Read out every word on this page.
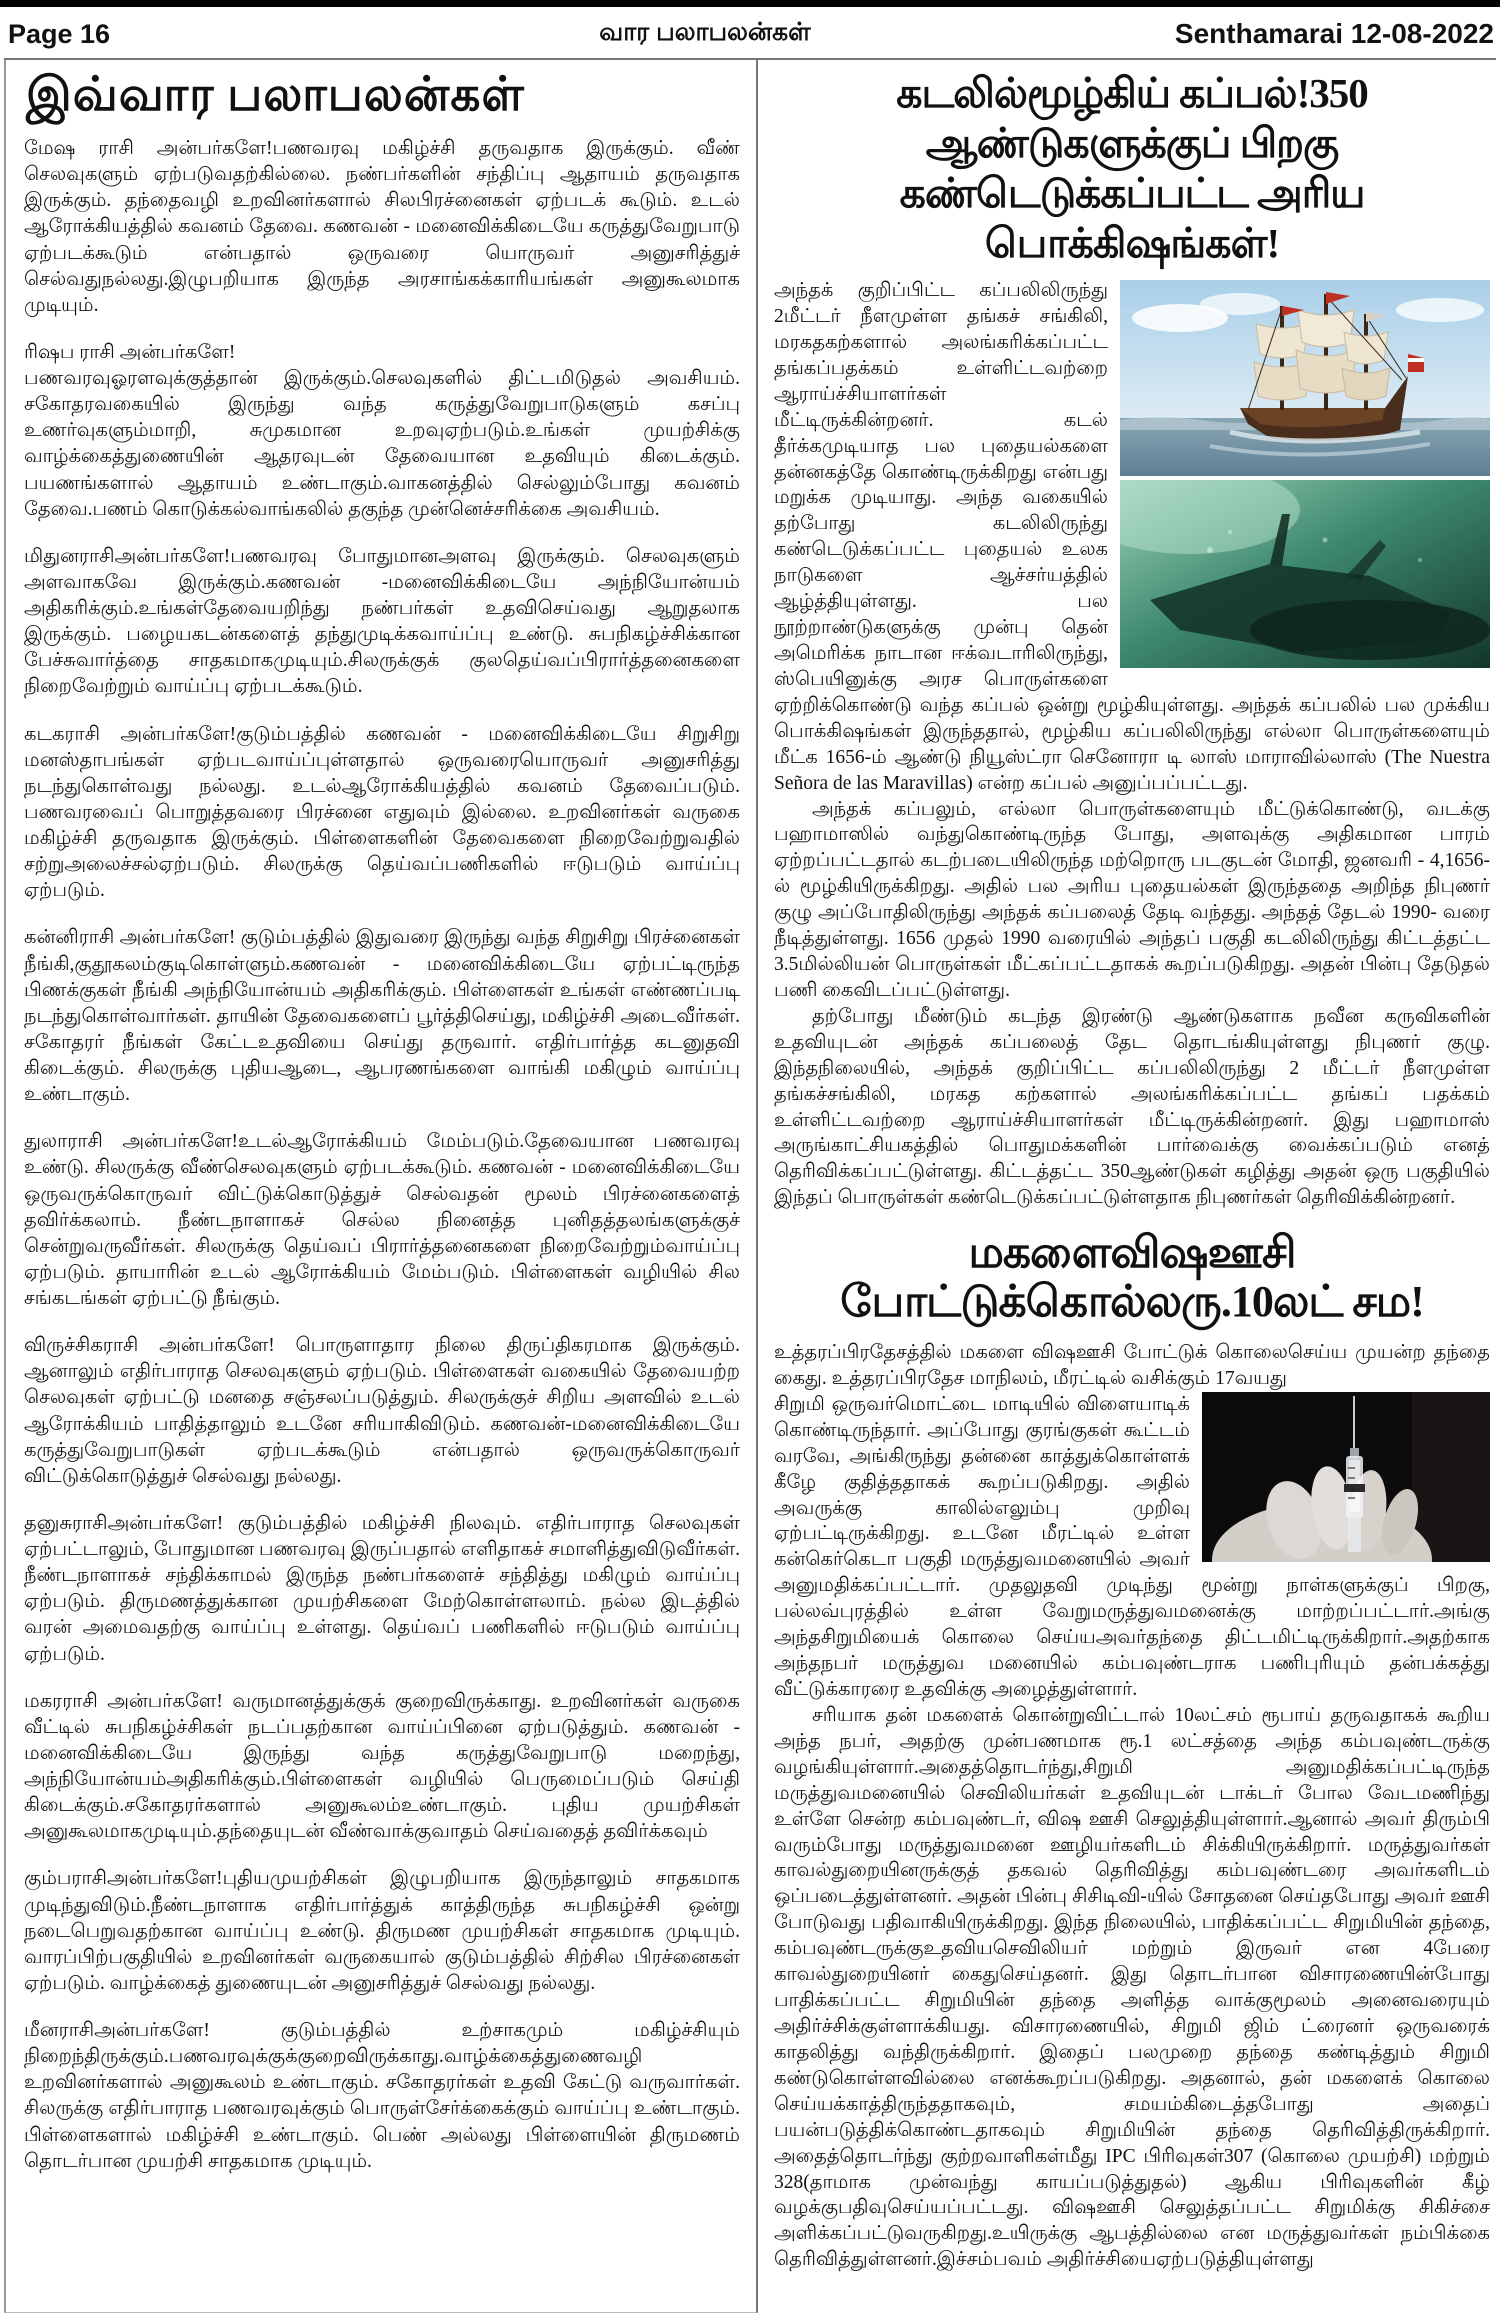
Page 16	வார பலாபலன்கள்	Senthamarai 12-08-2022
இவ்வார பலாபலன்கள்

மேஷ ராசி அன்பர்களே!பணவரவு மகிழ்ச்சி தருவதாக இருக்கும். வீண் செலவுகளும் ஏற்படுவதற்கில்லை. நண்பர்களின் சந்திப்பு ஆதாயம் தருவதாக இருக்கும். தந்தைவழி உறவினர்களால் சிலபிரச்னைகள் ஏற்படக் கூடும். உடல் ஆரோக்கியத்தில் கவனம் தேவை. கணவன் - மனைவிக்கிடையே கருத்துவேறுபாடு ஏற்படக்கூடும் என்பதால் ஒருவரை யொருவர் அனுசரித்துச் செல்வதுநல்லது.இழுபறியாக இருந்த அரசாங்கக்காரியங்கள் அனுகூலமாக முடியும்.

ரிஷப ராசி அன்பர்களே!

பணவரவுஓரளவுக்குத்தான் இருக்கும்.செலவுகளில் திட்டமிடுதல் அவசியம். சகோதரவகையில் இருந்து வந்த கருத்துவேறுபாடுகளும் கசப்பு உணர்வுகளும்மாறி, சுமுகமான உறவுஏற்படும்.உங்கள் முயற்சிக்கு வாழ்க்கைத்துணையின் ஆதரவுடன் தேவையான உதவியும் கிடைக்கும். பயணங்களால் ஆதாயம் உண்டாகும்.வாகனத்தில் செல்லும்போது கவனம் தேவை.பணம் கொடுக்கல்வாங்கலில் தகுந்த முன்னெச்சரிக்கை அவசியம்.

மிதுனராசிஅன்பர்களே!பணவரவு போதுமானஅளவு இருக்கும். செலவுகளும் அளவாகவே இருக்கும்.கணவன் -மனைவிக்கிடையே அந்நியோன்யம் அதிகரிக்கும்.உங்கள்தேவையறிந்து நண்பர்கள் உதவிசெய்வது ஆறுதலாக இருக்கும். பழையகடன்களைத் தந்துமுடிக்கவாய்ப்பு உண்டு. சுபநிகழ்ச்சிக்கான பேச்சுவார்த்தை சாதகமாகமுடியும்.சிலருக்குக் குலதெய்வப்பிரார்த்தனைகளை நிறைவேற்றும் வாய்ப்பு ஏற்படக்கூடும்.

கடகராசி அன்பர்களே!குடும்பத்தில் கணவன் - மனைவிக்கிடையே சிறுசிறு மனஸ்தாபங்கள் ஏற்படவாய்ப்புள்ளதால் ஒருவரையொருவர் அனுசரித்து நடந்துகொள்வது நல்லது. உடல்ஆரோக்கியத்தில் கவனம் தேவைப்படும். பணவரவைப் பொறுத்தவரை பிரச்னை எதுவும் இல்லை. உறவினர்கள் வருகை மகிழ்ச்சி தருவதாக இருக்கும். பிள்ளைகளின் தேவைகளை நிறைவேற்றுவதில் சற்றுஅலைச்சல்ஏற்படும். சிலருக்கு தெய்வப்பணிகளில் ஈடுபடும் வாய்ப்பு ஏற்படும்.

கன்னிராசி அன்பர்களே! குடும்பத்தில் இதுவரை இருந்து வந்த சிறுசிறு பிரச்னைகள் நீங்கி,குதூகலம்குடிகொள்ளும்.கணவன் - மனைவிக்கிடையே ஏற்பட்டிருந்த பிணக்குகள் நீங்கி அந்நியோன்யம் அதிகரிக்கும். பிள்ளைகள் உங்கள் எண்ணப்படி நடந்துகொள்வார்கள். தாயின் தேவைகளைப் பூர்த்திசெய்து, மகிழ்ச்சி அடைவீர்கள். சகோதரர் நீங்கள் கேட்டஉதவியை செய்து தருவார். எதிர்பார்த்த கடனுதவி கிடைக்கும். சிலருக்கு புதியஆடை, ஆபரணங்களை வாங்கி மகிழும் வாய்ப்பு உண்டாகும்.

துலாராசி அன்பர்களே!உடல்ஆரோக்கியம் மேம்படும்.தேவையான பணவரவு உண்டு. சிலருக்கு வீண்செலவுகளும் ஏற்படக்கூடும். கணவன் - மனைவிக்கிடையே ஒருவருக்கொருவர் விட்டுக்கொடுத்துச் செல்வதன் மூலம் பிரச்னைகளைத் தவிர்க்கலாம். நீண்டநாளாகச் செல்ல நினைத்த புனிதத்தலங்களுக்குச் சென்றுவருவீர்கள். சிலருக்கு தெய்வப் பிரார்த்தனைகளை நிறைவேற்றும்வாய்ப்பு ஏற்படும். தாயாரின் உடல் ஆரோக்கியம் மேம்படும். பிள்ளைகள் வழியில் சில சங்கடங்கள் ஏற்பட்டு நீங்கும்.

விருச்சிகராசி அன்பர்களே! பொருளாதார நிலை திருப்திகரமாக இருக்கும். ஆனாலும் எதிர்பாராத செலவுகளும் ஏற்படும். பிள்ளைகள் வகையில் தேவையற்ற செலவுகள் ஏற்பட்டு மனதை சஞ்சலப்படுத்தும். சிலருக்குச் சிறிய அளவில் உடல் ஆரோக்கியம் பாதித்தாலும் உடனே சரியாகிவிடும். கணவன்-மனைவிக்கிடையே கருத்துவேறுபாடுகள் ஏற்படக்கூடும் என்பதால் ஒருவருக்கொருவர் விட்டுக்கொடுத்துச் செல்வது நல்லது.

தனுசுராசிஅன்பர்களே! குடும்பத்தில் மகிழ்ச்சி நிலவும். எதிர்பாராத செலவுகள் ஏற்பட்டாலும், போதுமான பணவரவு இருப்பதால் எளிதாகச் சமாளித்துவிடுவீர்கள். நீண்டநாளாகச் சந்திக்காமல் இருந்த நண்பர்களைச் சந்தித்து மகிழும் வாய்ப்பு ஏற்படும். திருமணத்துக்கான முயற்சிகளை மேற்கொள்ளலாம். நல்ல இடத்தில் வரன் அமைவதற்கு வாய்ப்பு உள்ளது. தெய்வப் பணிகளில் ஈடுபடும் வாய்ப்பு ஏற்படும்.

மகரராசி அன்பர்களே! வருமானத்துக்குக் குறைவிருக்காது. உறவினர்கள் வருகை வீட்டில் சுபநிகழ்ச்சிகள் நடப்பதற்கான வாய்ப்பினை ஏற்படுத்தும். கணவன் - மனைவிக்கிடையே இருந்து வந்த கருத்துவேறுபாடு மறைந்து, அந்நியோன்யம்அதிகரிக்கும்.பிள்ளைகள் வழியில் பெருமைப்படும் செய்தி கிடைக்கும்.சகோதரர்களால் அனுகூலம்உண்டாகும். புதிய முயற்சிகள் அனுகூலமாகமுடியும்.தந்தையுடன் வீண்வாக்குவாதம் செய்வதைத் தவிர்க்கவும்

கும்பராசிஅன்பர்களே!புதியமுயற்சிகள் இழுபறியாக இருந்தாலும் சாதகமாக முடிந்துவிடும்.நீண்டநாளாக எதிர்பார்த்துக் காத்திருந்த சுபநிகழ்ச்சி ஒன்று நடைபெறுவதற்கான வாய்ப்பு உண்டு. திருமண முயற்சிகள் சாதகமாக முடியும். வாரப்பிற்பகுதியில் உறவினர்கள் வருகையால் குடும்பத்தில் சிற்சில பிரச்னைகள் ஏற்படும். வாழ்க்கைத் துணையுடன் அனுசரித்துச் செல்வது நல்லது.

மீனராசிஅன்பர்களே! குடும்பத்தில் உற்சாகமும் மகிழ்ச்சியும் நிறைந்திருக்கும்.பணவரவுக்குக்குறைவிருக்காது.வாழ்க்கைத்துணைவழி உறவினர்களால் அனுகூலம் உண்டாகும். சகோதரர்கள் உதவி கேட்டு வருவார்கள். சிலருக்கு எதிர்பாராத பணவரவுக்கும் பொருள்சேர்க்கைக்கும் வாய்ப்பு உண்டாகும். பிள்ளைகளால் மகிழ்ச்சி உண்டாகும். பெண் அல்லது பிள்ளையின் திருமணம் தொடர்பான முயற்சி சாதகமாக முடியும்.

கடலில்மூழ்கிய் கப்பல்!350 ஆண்டுகளுக்குப் பிறகு கண்டெடுக்கப்பட்ட அரிய பொக்கிஷங்கள்!

அந்தக் குறிப்பிட்ட கப்பலிலிருந்து 2மீட்டர் நீளமுள்ள தங்கச் சங்கிலி, மரகதகற்களால் அலங்கரிக்கப்பட்ட தங்கப்பதக்கம் உள்ளிட்டவற்றை ஆராய்ச்சியாளர்கள் மீட்டிருக்கின்றனர். கடல் தீர்க்கமுடியாத பல புதையல்களை தன்னகத்தே கொண்டிருக்கிறது என்பது மறுக்க முடியாது. அந்த வகையில் தற்போது கடலிலிருந்து கண்டெடுக்கப்பட்ட புதையல் உலக நாடுகளை ஆச்சர்யத்தில் ஆழ்த்தியுள்ளது. பல நூற்றாண்டுகளுக்கு முன்பு தென் அமெரிக்க நாடான ஈக்வடாரிலிருந்து, ஸ்பெயினுக்கு அரச பொருள்களை ஏற்றிக்கொண்டு வந்த கப்பல் ஒன்று மூழ்கியுள்ளது. அந்தக் கப்பலில் பல முக்கிய பொக்கிஷங்கள் இருந்ததால், மூழ்கிய கப்பலிலிருந்து எல்லா பொருள்களையும் மீட்க 1656-ம் ஆண்டு நியூஸ்ட்ரா செனோரா டி லாஸ் மாராவில்லாஸ் (The Nuestra Señora de las Maravillas) என்ற கப்பல் அனுப்பப்பட்டது.

அந்தக் கப்பலும், எல்லா பொருள்களையும் மீட்டுக்கொண்டு, வடக்கு பஹாமாஸில் வந்துகொண்டிருந்த போது, அளவுக்கு அதிகமான பாரம் ஏற்றப்பட்டதால் கடற்படையிலிருந்த மற்றொரு படகுடன் மோதி, ஜனவரி - 4,1656-ல் மூழ்கியிருக்கிறது. அதில் பல அரிய புதையல்கள் இருந்ததை அறிந்த நிபுணர் குழு அப்போதிலிருந்து அந்தக் கப்பலைத் தேடி வந்தது. அந்தத் தேடல் 1990- வரை நீடித்துள்ளது. 1656 முதல் 1990 வரையில் அந்தப் பகுதி கடலிலிருந்து கிட்டத்தட்ட 3.5மில்லியன் பொருள்கள் மீட்கப்பட்டதாகக் கூறப்படுகிறது. அதன் பின்பு தேடுதல் பணி கைவிடப்பட்டுள்ளது.

தற்போது மீண்டும் கடந்த இரண்டு ஆண்டுகளாக நவீன கருவிகளின் உதவியுடன் அந்தக் கப்பலைத் தேட தொடங்கியுள்ளது நிபுணர் குழு. இந்தநிலையில், அந்தக் குறிப்பிட்ட கப்பலிலிருந்து 2 மீட்டர் நீளமுள்ள தங்கச்சங்கிலி, மரகத கற்களால் அலங்கரிக்கப்பட்ட தங்கப் பதக்கம் உள்ளிட்டவற்றை ஆராய்ச்சியாளர்கள் மீட்டிருக்கின்றனர். இது பஹாமாஸ் அருங்காட்சியகத்தில் பொதுமக்களின் பார்வைக்கு வைக்கப்படும் எனத் தெரிவிக்கப்பட்டுள்ளது. கிட்டத்தட்ட 350ஆண்டுகள் கழித்து அதன் ஒரு பகுதியில் இந்தப் பொருள்கள் கண்டெடுக்கப்பட்டுள்ளதாக நிபுணர்கள் தெரிவிக்கின்றனர்.

மகளைவிஷஊசி போட்டுக்கொல்லரு.10லட் சம!

உத்தரப்பிரதேசத்தில் மகளை விஷஊசி போட்டுக் கொலைசெய்ய முயன்ற தந்தை கைது. உத்தரப்பிரதேச மாநிலம், மீரட்டில் வசிக்கும் 17வயது

சிறுமி ஒருவர்மொட்டை மாடியில் விளையாடிக் கொண்டிருந்தார். அப்போது குரங்குகள் கூட்டம் வரவே, அங்கிருந்து தன்னை காத்துக்கொள்ளக் கீழே குதித்ததாகக் கூறப்படுகிறது. அதில் அவருக்கு காலில்எலும்பு முறிவு ஏற்பட்டிருக்கிறது. உடனே மீரட்டில் உள்ள கன்கெர்கெடா பகுதி மருத்துவமனையில் அவர் அனுமதிக்கப்பட்டார். முதலுதவி முடிந்து மூன்று நாள்களுக்குப் பிறகு, பல்லவ்புரத்தில் உள்ள வேறுமருத்துவமனைக்கு மாற்றப்பட்டார்.அங்கு அந்தசிறுமியைக் கொலை செய்யஅவர்தந்தை திட்டமிட்டிருக்கிறார்.அதற்காக அந்தநபர் மருத்துவ மனையில் கம்பவுண்டராக பணிபுரியும் தன்பக்கத்து வீட்டுக்காரரை உதவிக்கு அழைத்துள்ளார்.

சரியாக தன் மகளைக் கொன்றுவிட்டால் 10லட்சம் ரூபாய் தருவதாகக் கூறிய அந்த நபர், அதற்கு முன்பணமாக ரூ.1 லட்சத்தை அந்த கம்பவுண்டருக்கு வழங்கியுள்ளார்.அதைத்தொடர்ந்து,சிறுமி அனுமதிக்கப்பட்டிருந்த மருத்துவமனையில் செவிலியர்கள் உதவியுடன் டாக்டர் போல வேடமணிந்து உள்ளே சென்ற கம்பவுண்டர், விஷ ஊசி செலுத்தியுள்ளார்.ஆனால் அவர் திரும்பி வரும்போது மருத்துவமனை ஊழியர்களிடம் சிக்கியிருக்கிறார். மருத்துவர்கள் காவல்துறையினருக்குத் தகவல் தெரிவித்து கம்பவுண்டரை அவர்களிடம் ஒப்படைத்துள்ளனர். அதன் பின்பு சிசிடிவி-யில் சோதனை செய்தபோது அவர் ஊசி போடுவது பதிவாகியிருக்கிறது. இந்த நிலையில், பாதிக்கப்பட்ட சிறுமியின் தந்தை, கம்பவுண்டருக்குஉதவியசெவிலியர் மற்றும் இருவர் என 4பேரை காவல்துறையினர் கைதுசெய்தனர். இது தொடர்பான விசாரணையின்போது பாதிக்கப்பட்ட சிறுமியின் தந்தை அளித்த வாக்குமூலம் அனைவரையும் அதிர்ச்சிக்குள்ளாக்கியது. விசாரணையில், சிறுமி ஜிம் ட்ரைனர் ஒருவரைக் காதலித்து வந்திருக்கிறார். இதைப் பலமுறை தந்தை கண்டித்தும் சிறுமி கண்டுகொள்ளவில்லை எனக்கூறப்படுகிறது. அதனால், தன் மகளைக் கொலை செய்யக்காத்திருந்ததாகவும், சமயம்கிடைத்தபோது அதைப் பயன்படுத்திக்கொண்டதாகவும் சிறுமியின் தந்தை தெரிவித்திருக்கிறார். அதைத்தொடர்ந்து குற்றவாளிகள்மீது IPC பிரிவுகள்307 (கொலை முயற்சி) மற்றும் 328(தாமாக முன்வந்து காயப்படுத்துதல்) ஆகிய பிரிவுகளின் கீழ் வழக்குபதிவுசெய்யப்பட்டது. விஷஊசி செலுத்தப்பட்ட சிறுமிக்கு சிகிச்சை அளிக்கப்பட்டுவருகிறது.உயிருக்கு ஆபத்தில்லை என மருத்துவர்கள் நம்பிக்கை தெரிவித்துள்ளனர்.இச்சம்பவம் அதிர்ச்சியைஏற்படுத்தியுள்ளது
